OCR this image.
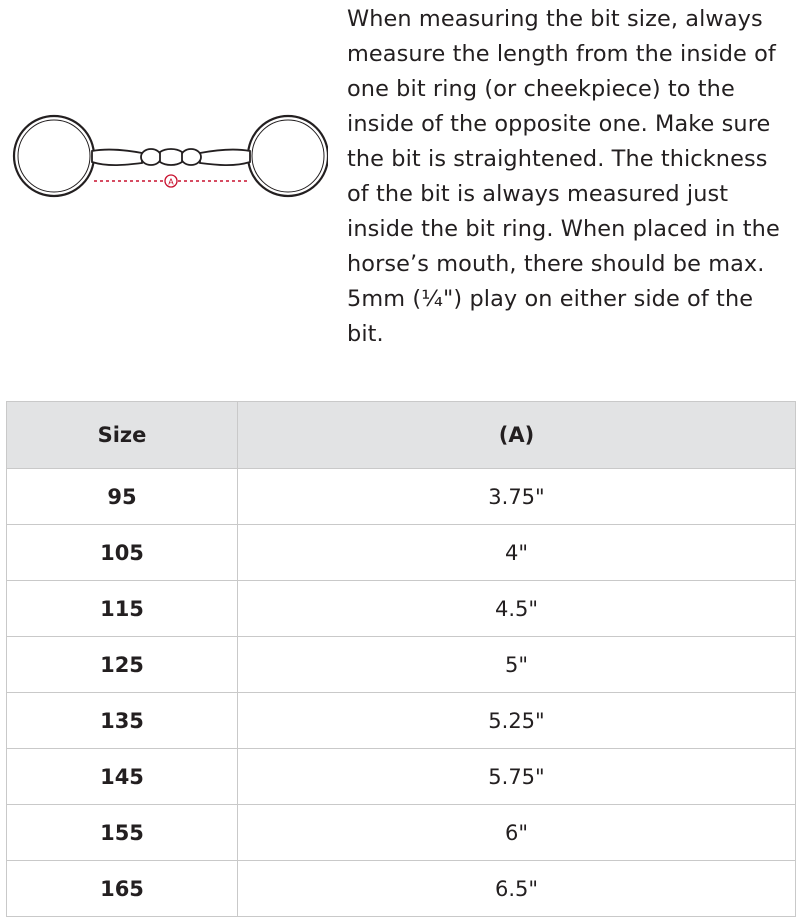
A

When measuring the bit size, always measure the length from the inside of one bit ring (or cheekpiece) to the inside of the opposite one. Make sure the bit is straightened. The thickness of the bit is always measured just inside the bit ring. When placed in the horse’s mouth, there should be max. 5mm (¼") play on either side of the bit.

Size	(A)
95	3.75"
105	4"
115	4.5"
125	5"
135	5.25"
145	5.75"
155	6"
165	6.5"
